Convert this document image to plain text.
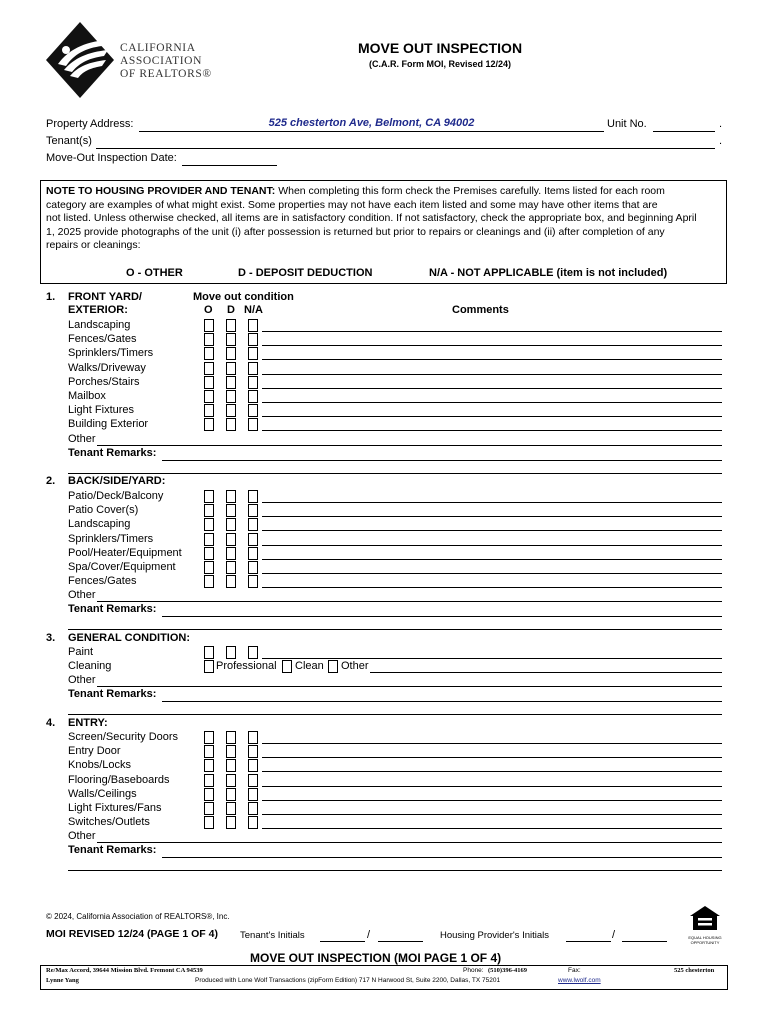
CALIFORNIA
ASSOCIATION
OF REALTORS®
MOVE OUT INSPECTION
(C.A.R. Form MOI, Revised 12/24)
Property Address:	525 chesterton Ave, Belmont, CA 94002	Unit No.	.
Tenant(s)	.
Move-Out Inspection Date:
NOTE TO HOUSING PROVIDER AND TENANT: When completing this form check the Premises carefully. Items listed for each room
category are examples of what might exist. Some properties may not have each item listed and some may have other items that are
not listed. Unless otherwise checked, all items are in satisfactory condition. If not satisfactory, check the appropriate box, and beginning April
1, 2025 provide photographs of the unit (i) after possession is returned but prior to repairs or cleanings and (ii) after completion of any
repairs or cleanings:
O - OTHER	D - DEPOSIT DEDUCTION	N/A - NOT APPLICABLE (item is not included)
1. FRONT YARD/
EXTERIOR:
Move out condition
O D N/A	Comments
Landscaping
Fences/Gates
Sprinklers/Timers
Walks/Driveway
Porches/Stairs
Mailbox
Light Fixtures
Building Exterior
Other
Tenant Remarks:
2. BACK/SIDE/YARD:
Patio/Deck/Balcony
Patio Cover(s)
Landscaping
Sprinklers/Timers
Pool/Heater/Equipment
Spa/Cover/Equipment
Fences/Gates
Other
Tenant Remarks:
3. GENERAL CONDITION:
Paint
Cleaning	Professional Clean Other
Other
Tenant Remarks:
4. ENTRY:
Screen/Security Doors
Entry Door
Knobs/Locks
Flooring/Baseboards
Walls/Ceilings
Light Fixtures/Fans
Switches/Outlets
Other
Tenant Remarks:
© 2024, California Association of REALTORS®, Inc.
MOI REVISED 12/24 (PAGE 1 OF 4) Tenant's Initials	/	Housing Provider's Initials	/	EQUAL HOUSING OPPORTUNITY
MOVE OUT INSPECTION (MOI PAGE 1 OF 4)
Re/Max Accord, 39644 Mission Blvd. Fremont CA 94539
Lynne Yang
Phone: (510)396-4169	Fax:	525 chesterton
Produced with Lone Wolf Transactions (zipForm Edition) 717 N Harwood St, Suite 2200, Dallas, TX 75201	www.lwolf.com
